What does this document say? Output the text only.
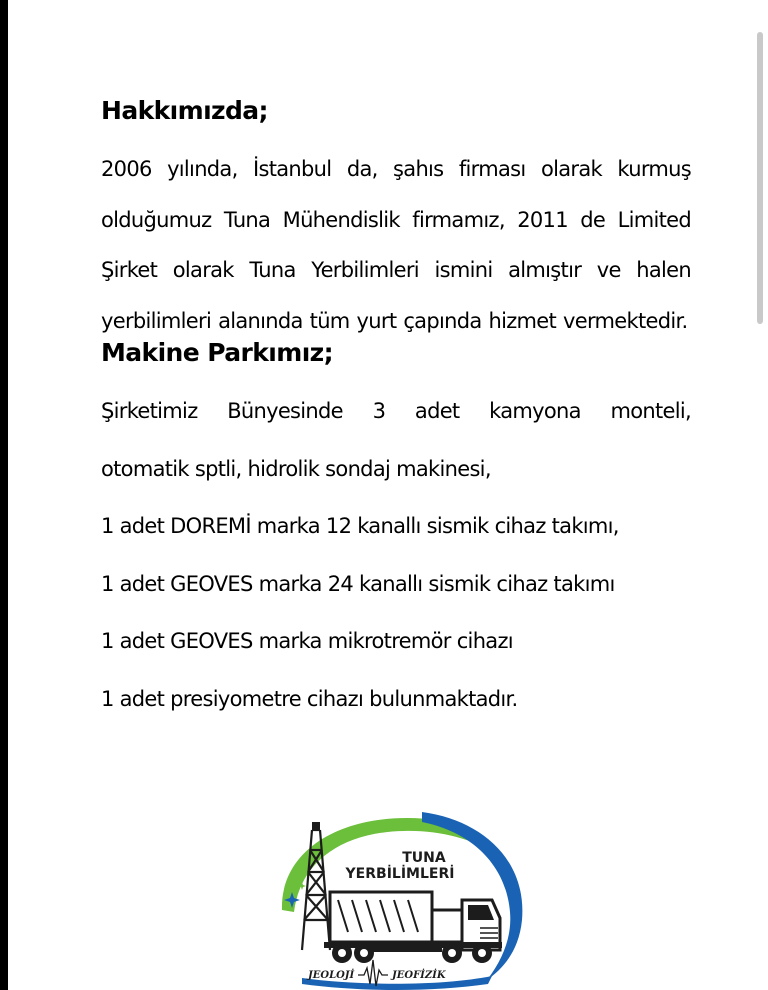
Hakkımızda;

2006 yılında, İstanbul da, şahıs firması olarak kurmuş olduğumuz Tuna Mühendislik firmamız, 2011 de Limited Şirket olarak Tuna Yerbilimleri ismini almıştır ve halen yerbilimleri alanında tüm yurt çapında hizmet vermektedir.

Makine Parkımız;
Şirketimiz Bünyesinde 3 adet kamyona monteli,
otomatik sptli, hidrolik sondaj makinesi,
1 adet DOREMİ marka 12 kanallı sismik cihaz takımı,
1 adet GEOVES marka 24 kanallı sismik cihaz takımı
1 adet GEOVES marka mikrotremör cihazı
1 adet presiyometre cihazı bulunmaktadır.
TUNA
YERBİLİMLERİ
JEOLOJİ	JEOFİZİK
